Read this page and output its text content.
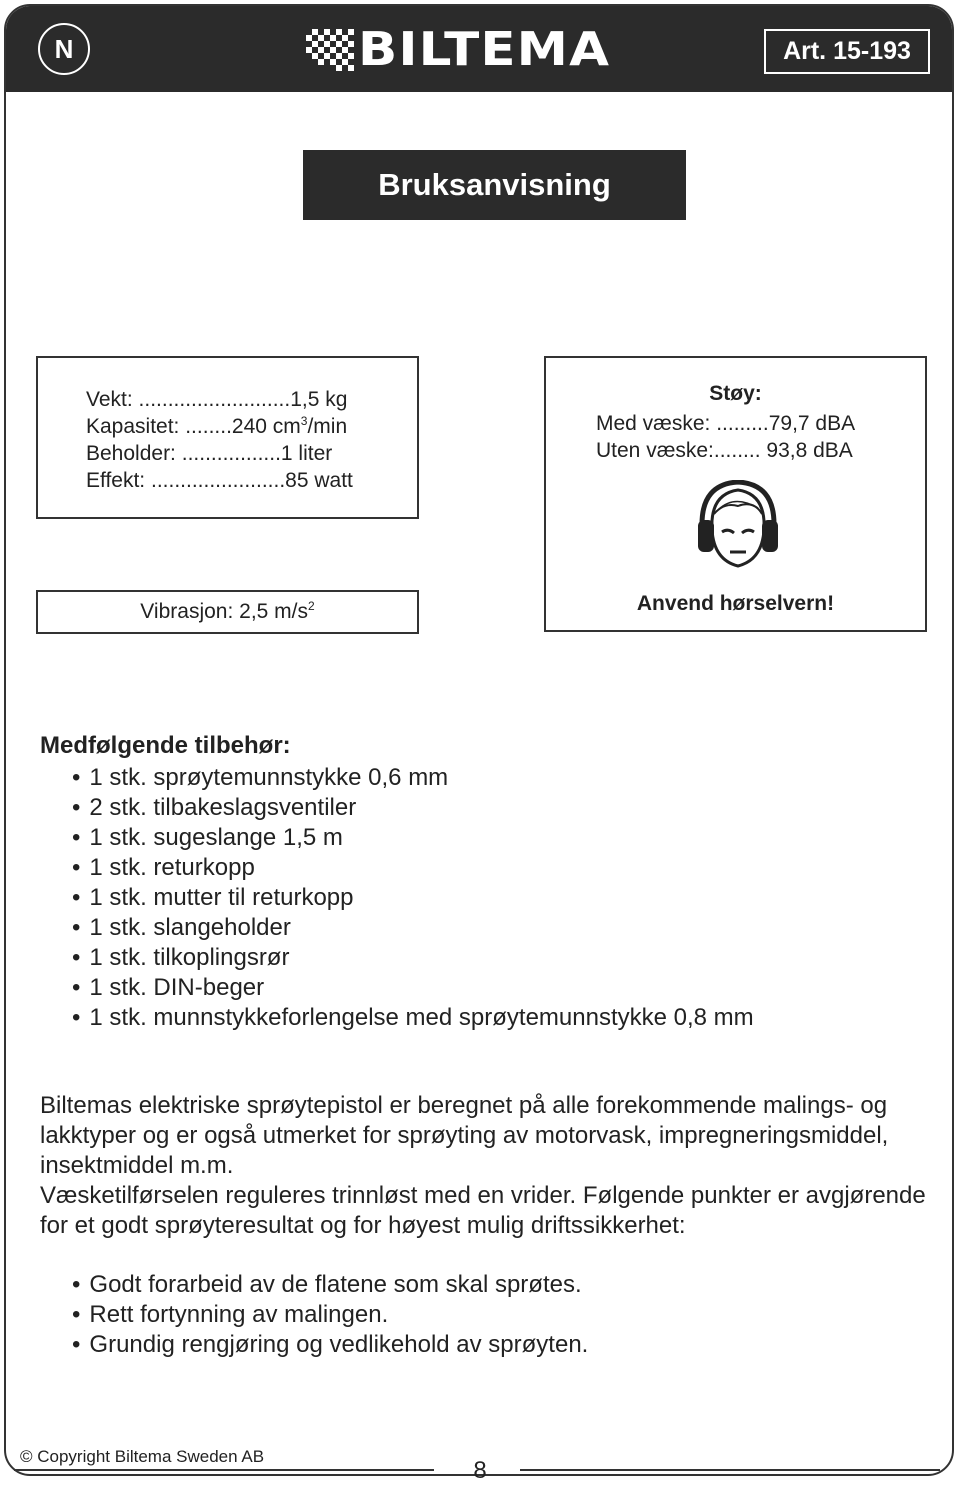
N	BILTEMA	Art. 15-193
Bruksanvisning
Vekt: ..........................1,5 kg
Kapasitet: ........240 $cm^3/\min$
Beholder: .................1 liter
Effekt: .......................85 watt
Vibrasjon: 2,5 $m/s^2$
Støy:
Med væske: .........79,7 dBA
Uten væske:........ 93,8 dBA
Anvend hørselvern!
Medfølgende tilbehør:
• 1 stk. sprøytemunnstykke 0,6 mm
• 2 stk. tilbakeslagsventiler
• 1 stk. sugeslange 1,5 m
• 1 stk. returkopp
• 1 stk. mutter til returkopp
• 1 stk. slangeholder
• 1 stk. tilkoplingsrør
• 1 stk. DIN-beger
• 1 stk. munnstykkeforlengelse med sprøytemunnstykke 0,8 mm

Biltemas elektriske sprøytepistol er beregnet på alle forekommende malings- og lakktyper og er også utmerket for sprøyting av motorvask, impregneringsmiddel, insektmiddel m.m.

Væsketilførselen reguleres trinnløst med en vrider. Følgende punkter er avgjørende for et godt sprøyteresultat og for høyest mulig driftssikkerhet:

• Godt forarbeid av de flatene som skal sprøtes.
• Rett fortynning av malingen.
• Grundig rengjøring og vedlikehold av sprøyten.
© Copyright Biltema Sweden AB
8
